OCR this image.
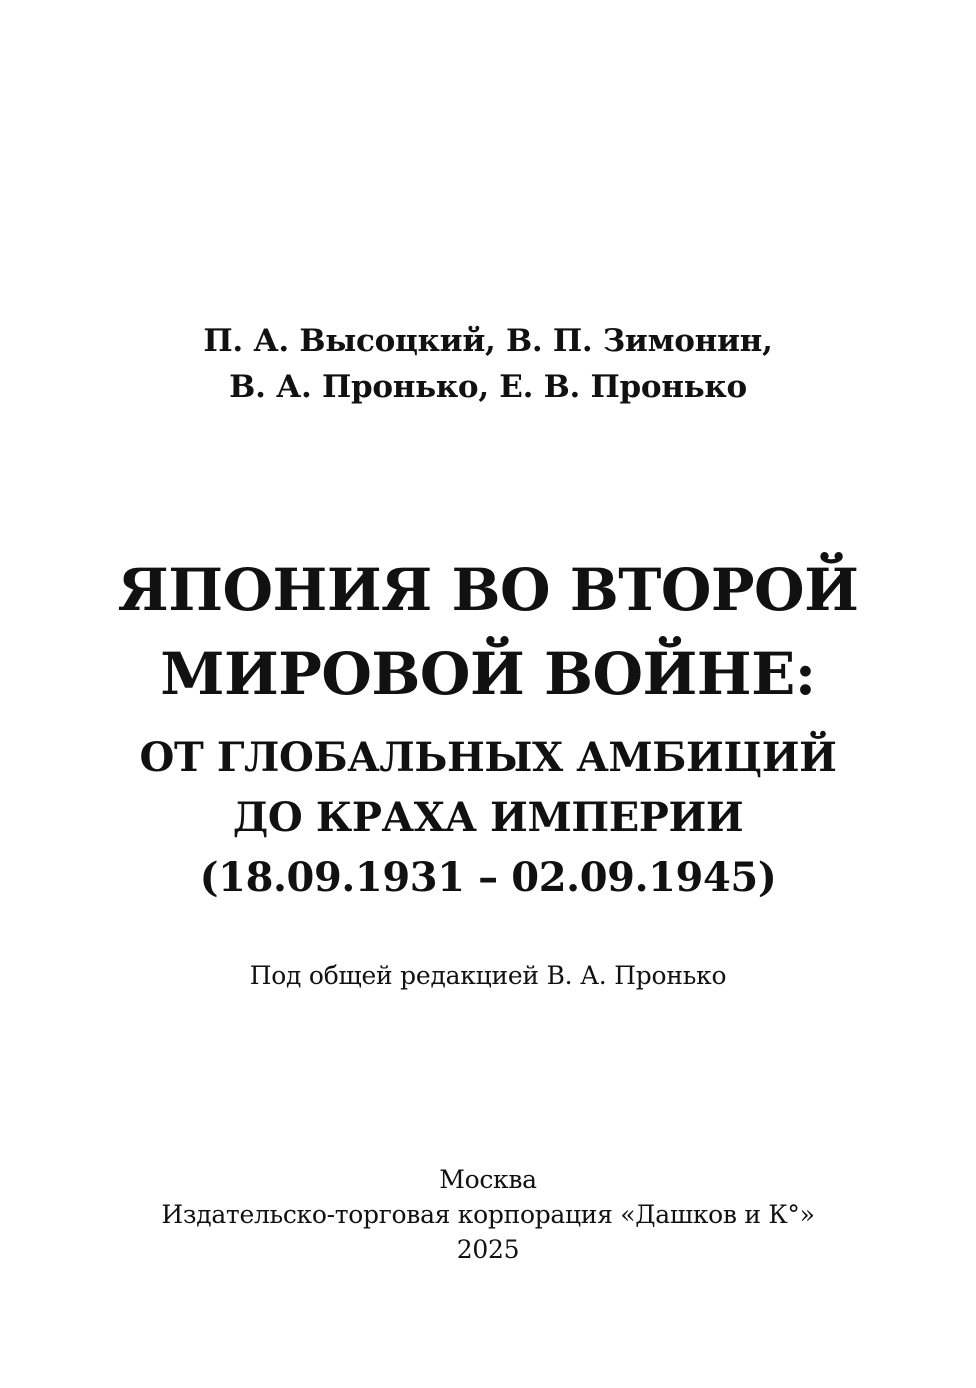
П. А. Высоцкий, В. П. Зимонин,
В. А. Пронько, Е. В. Пронько
ЯПОНИЯ ВО ВТОРОЙ
МИРОВОЙ ВОЙНЕ:
ОТ ГЛОБАЛЬНЫХ АМБИЦИЙ
ДО КРАХА ИМПЕРИИ
(18.09.1931 – 02.09.1945)
Под общей редакцией В. А. Пронько
Москва
Издательско-торговая корпорация «Дашков и К°»
2025
